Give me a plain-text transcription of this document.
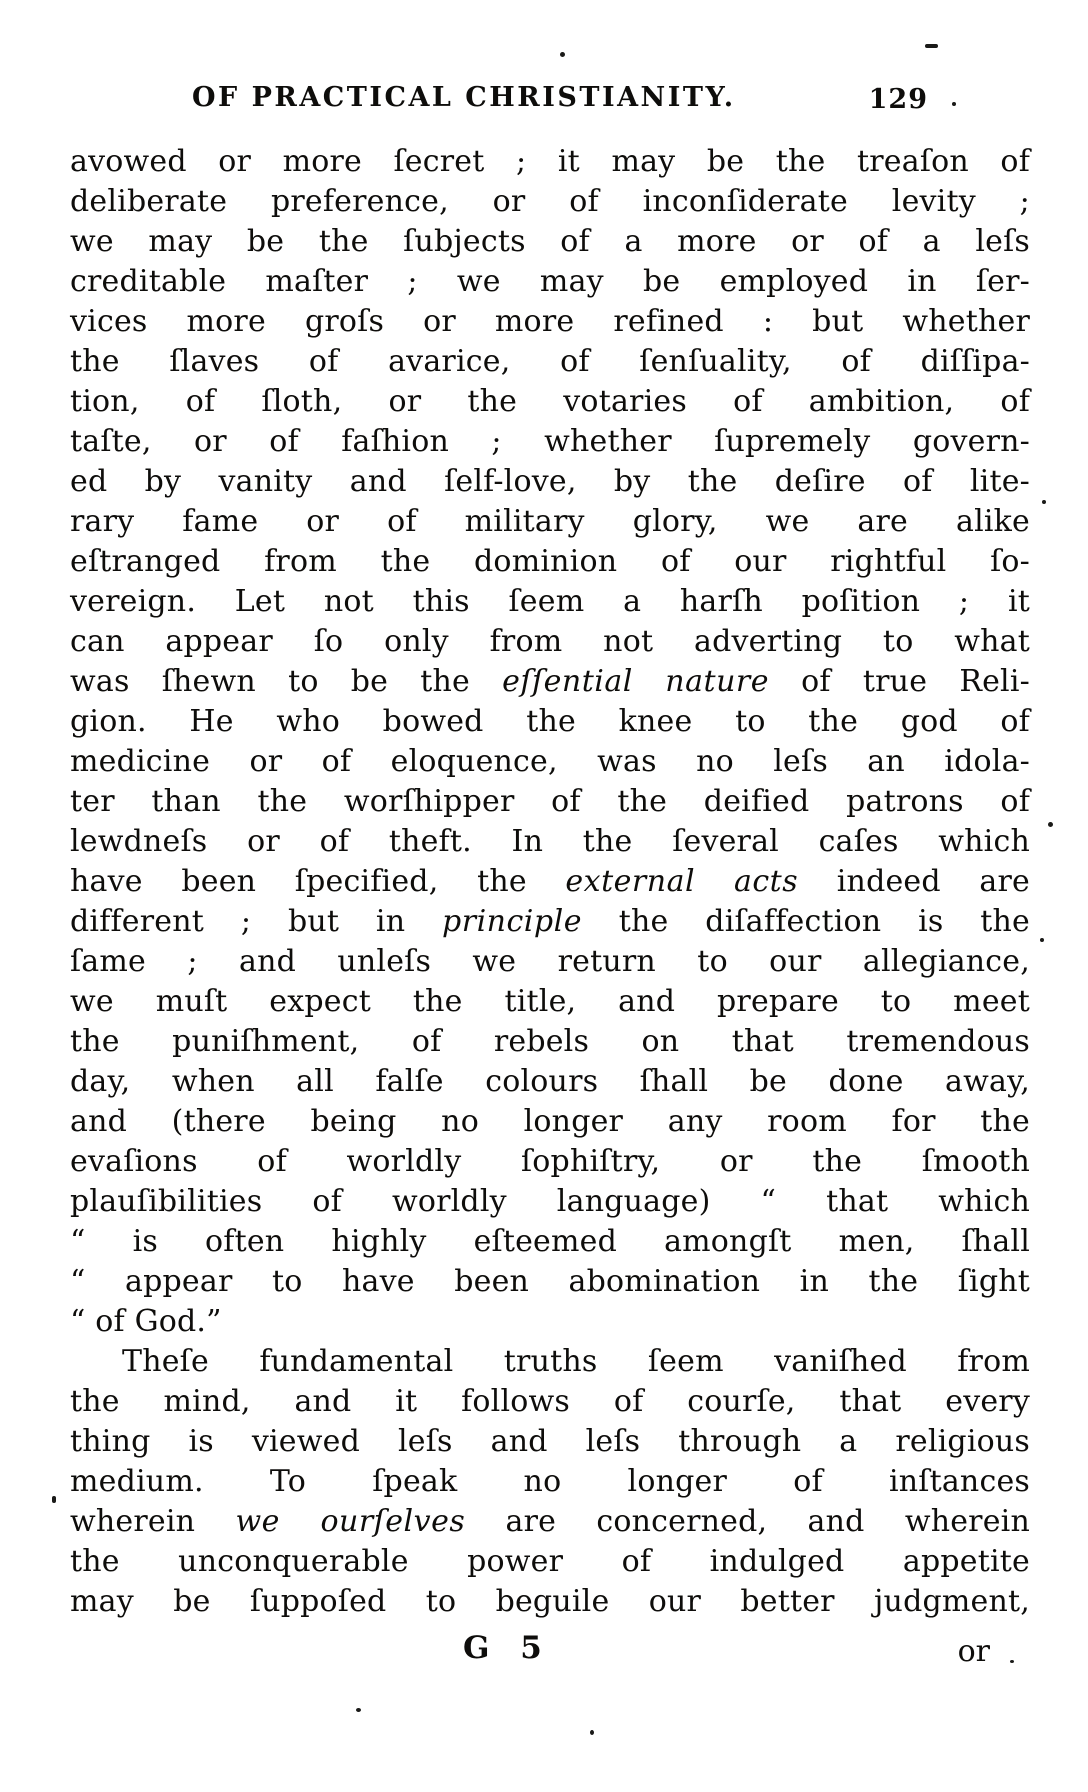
OF PRACTICAL CHRISTIANITY.	129
avowed or more ſecret ; it may be the treaſon of
deliberate preference, or of inconſiderate levity ;
we may be the ſubjects of a more or of a leſs
creditable maſter ; we may be employed in ſer-
vices more groſs or more refined : but whether
the ſlaves of avarice, of ſenſuality, of diſſipa-
tion, of ſloth, or the votaries of ambition, of
taſte, or of faſhion ; whether ſupremely govern-
ed by vanity and ſelf-love, by the deſire of lite-
rary fame or of military glory, we are alike
eſtranged from the dominion of our rightful ſo-
vereign. Let not this ſeem a harſh poſition ; it
can appear ſo only from not adverting to what
was ſhewn to be the eſſential nature of true Reli-
gion. He who bowed the knee to the god of
medicine or of eloquence, was no leſs an idola-
ter than the worſhipper of the deified patrons of
lewdneſs or of theft. In the ſeveral caſes which
have been ſpecified, the external acts indeed are
different ; but in principle the diſaffection is the
ſame ; and unleſs we return to our allegiance,
we muſt expect the title, and prepare to meet
the puniſhment, of rebels on that tremendous
day, when all falſe colours ſhall be done away,
and (there being no longer any room for the
evaſions of worldly ſophiſtry, or the ſmooth
plauſibilities of worldly language) “ that which
“ is often highly eſteemed amongſt men, ſhall
“ appear to have been abomination in the ſight
“ of God.”
Theſe fundamental truths ſeem vaniſhed from
the mind, and it follows of courſe, that every
thing is viewed leſs and leſs through a religious
medium. To ſpeak no longer of inſtances
wherein we ourſelves are concerned, and wherein
the unconquerable power of indulged appetite
may be ſuppoſed to beguile our better judgment,
G 5	or
